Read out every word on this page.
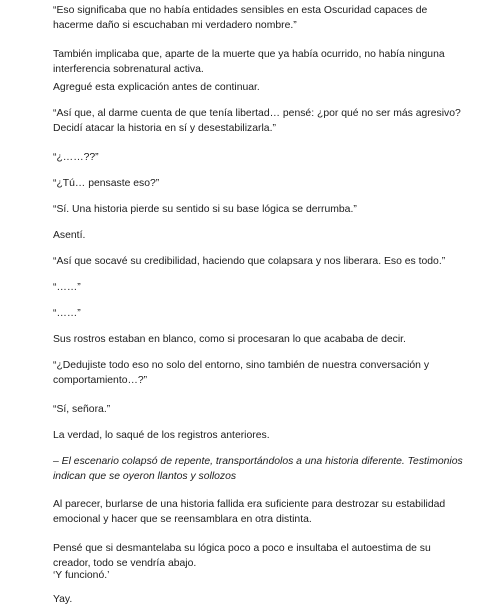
“Eso significaba que no había entidades sensibles en esta Oscuridad capaces de hacerme daño si escuchaban mi verdadero nombre.”

También implicaba que, aparte de la muerte que ya había ocurrido, no había ninguna interferencia sobrenatural activa.

Agregué esta explicación antes de continuar.

“Así que, al darme cuenta de que tenía libertad… pensé: ¿por qué no ser más agresivo? Decidí atacar la historia en sí y desestabilizarla.”

“¿……??”

“¿Tú… pensaste eso?”

“Sí. Una historia pierde su sentido si su base lógica se derrumba.”

Asentí.

“Así que socavé su credibilidad, haciendo que colapsara y nos liberara. Eso es todo.”

“……”

“……”

Sus rostros estaban en blanco, como si procesaran lo que acababa de decir.

“¿Dedujiste todo eso no solo del entorno, sino también de nuestra conversación y comportamiento…?”

“Sí, señora.”

La verdad, lo saqué de los registros anteriores.

– El escenario colapsó de repente, transportándolos a una historia diferente. Testimonios indican que se oyeron llantos y sollozos

Al parecer, burlarse de una historia fallida era suficiente para destrozar su estabilidad emocional y hacer que se reensamblara en otra distinta.

Pensé que si desmantelaba su lógica poco a poco e insultaba el autoestima de su creador, todo se vendría abajo.

‘Y funcionó.’

Yay.
